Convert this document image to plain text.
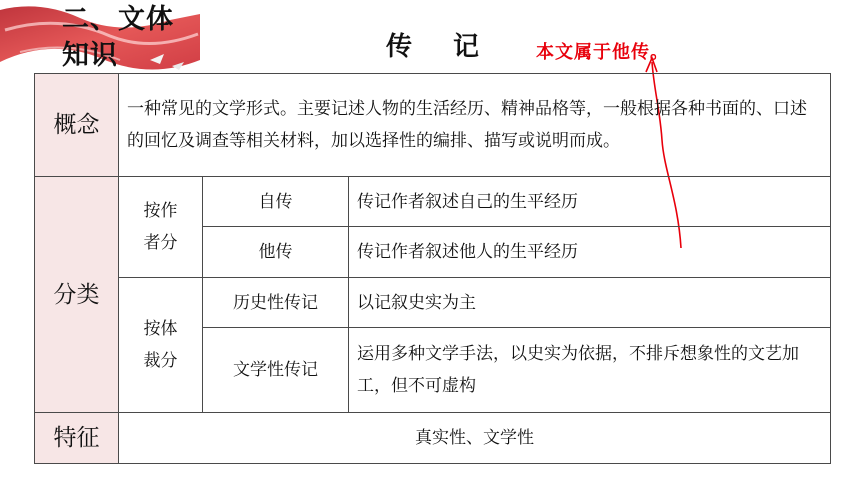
二、文体知识	传 记 本文属于他传。
概念	一种常见的文学形式。主要记述人物的生活经历、精神品格等，一般根据各种书面的、口述的回忆及调查等相关材料，加以选择性的编排、描写或说明而成。		
分类	按作者分	自传	传记作者叙述自己的生平经历
		他传	传记作者叙述他人的生平经历

	按体裁分	历史性传记	以记叙史实为主
		文学性传记	运用多种文学手法，以史实为依据，不排斥想象性的文艺加工，但不可虚构
特征	真实性、文学性		
